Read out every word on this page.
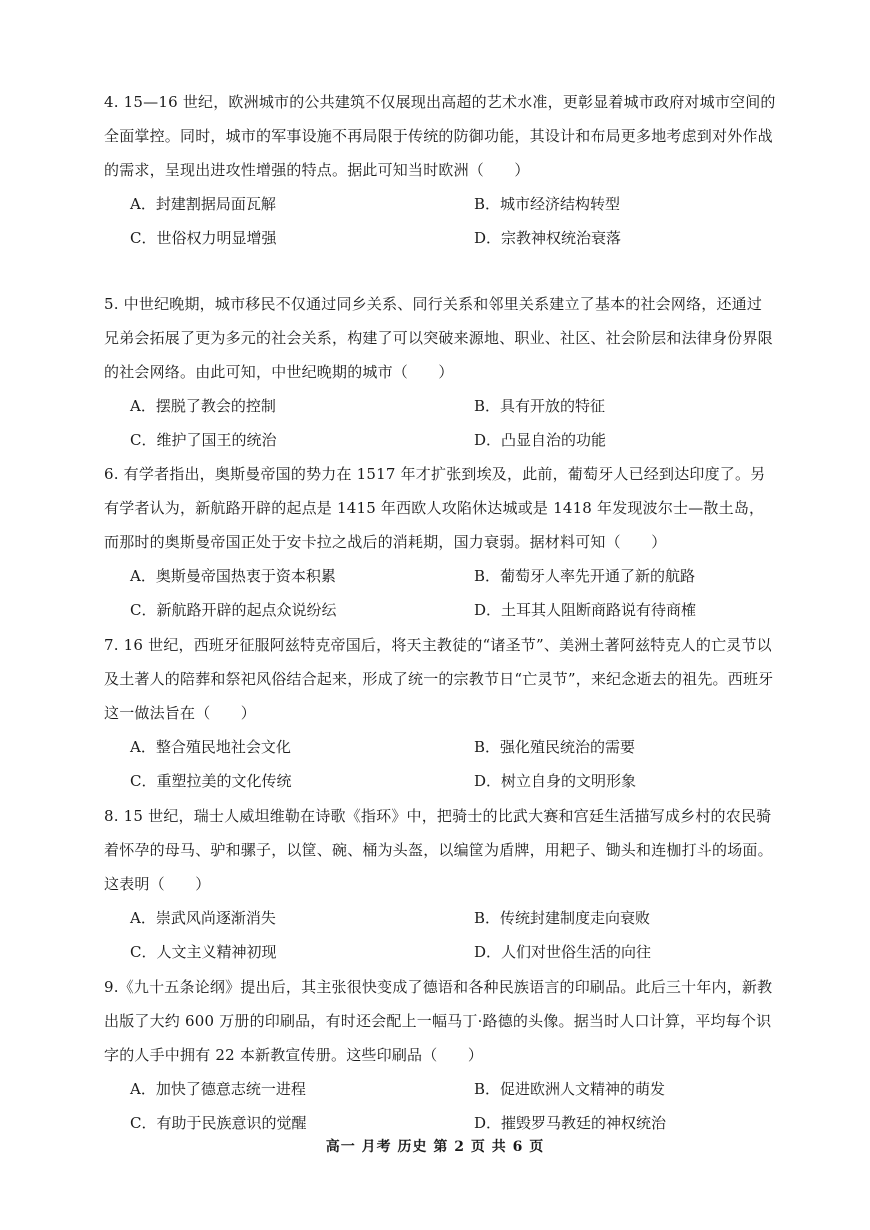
4. 15—16 世纪，欧洲城市的公共建筑不仅展现出高超的艺术水准，更彰显着城市政府对城市空间的全面掌控。同时，城市的军事设施不再局限于传统的防御功能，其设计和布局更多地考虑到对外作战的需求，呈现出进攻性增强的特点。据此可知当时欧洲（　　）

A．封建割据局面瓦解	B．城市经济结构转型
C．世俗权力明显增强	D．宗教神权统治衰落

5. 中世纪晚期，城市移民不仅通过同乡关系、同行关系和邻里关系建立了基本的社会网络，还通过兄弟会拓展了更为多元的社会关系，构建了可以突破来源地、职业、社区、社会阶层和法律身份界限的社会网络。由此可知，中世纪晚期的城市（　　）

A．摆脱了教会的控制	B．具有开放的特征
C．维护了国王的统治	D．凸显自治的功能

6. 有学者指出，奥斯曼帝国的势力在 1517 年才扩张到埃及，此前，葡萄牙人已经到达印度了。另有学者认为，新航路开辟的起点是 1415 年西欧人攻陷休达城或是 1418 年发现波尔士—散土岛，而那时的奥斯曼帝国正处于安卡拉之战后的消耗期，国力衰弱。据材料可知（　　）

A．奥斯曼帝国热衷于资本积累	B．葡萄牙人率先开通了新的航路
C．新航路开辟的起点众说纷纭	D．土耳其人阻断商路说有待商榷

7. 16 世纪，西班牙征服阿兹特克帝国后，将天主教徒的“诸圣节”、美洲土著阿兹特克人的亡灵节以及土著人的陪葬和祭祀风俗结合起来，形成了统一的宗教节日“亡灵节”，来纪念逝去的祖先。西班牙这一做法旨在（　　）

A．整合殖民地社会文化	B．强化殖民统治的需要
C．重塑拉美的文化传统	D．树立自身的文明形象

8. 15 世纪，瑞士人威坦维勒在诗歌《指环》中，把骑士的比武大赛和宫廷生活描写成乡村的农民骑着怀孕的母马、驴和骡子，以筐、碗、桶为头盔，以编筐为盾牌，用耙子、锄头和连枷打斗的场面。这表明（　　）

A．崇武风尚逐渐消失	B．传统封建制度走向衰败
C．人文主义精神初现	D．人们对世俗生活的向往

9.《九十五条论纲》提出后，其主张很快变成了德语和各种民族语言的印刷品。此后三十年内，新教出版了大约 600 万册的印刷品，有时还会配上一幅马丁·路德的头像。据当时人口计算，平均每个识字的人手中拥有 22 本新教宣传册。这些印刷品（　　）

A．加快了德意志统一进程	B．促进欧洲人文精神的萌发
C．有助于民族意识的觉醒	D．摧毁罗马教廷的神权统治
高一 月考 历史 第 2 页 共 6 页
